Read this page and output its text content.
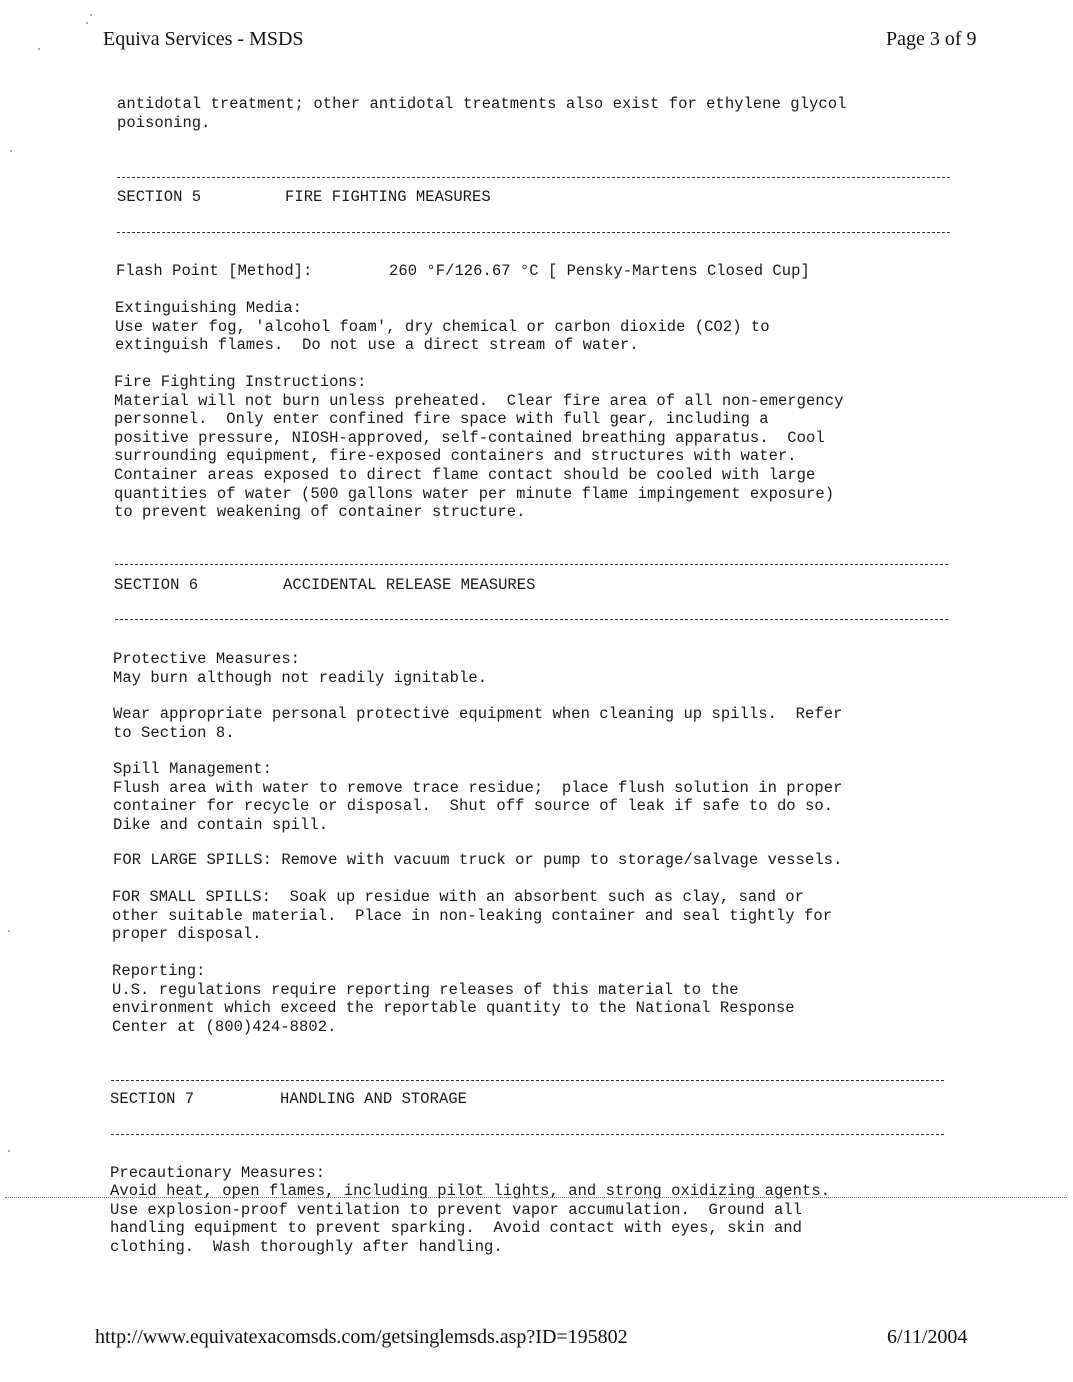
Equiva Services - MSDS	Page 3 of 9
antidotal treatment; other antidotal treatments also exist for ethylene glycol
poisoning.
SECTION 5	FIRE FIGHTING MEASURES
Flash Point [Method]:	260 °F/126.67 °C [ Pensky-Martens Closed Cup]
Extinguishing Media:
Use water fog, 'alcohol foam', dry chemical or carbon dioxide (CO2) to
extinguish flames.  Do not use a direct stream of water.
Fire Fighting Instructions:
Material will not burn unless preheated.  Clear fire area of all non-emergency
personnel.  Only enter confined fire space with full gear, including a
positive pressure, NIOSH-approved, self-contained breathing apparatus.  Cool
surrounding equipment, fire-exposed containers and structures with water.
Container areas exposed to direct flame contact should be cooled with large
quantities of water (500 gallons water per minute flame impingement exposure)
to prevent weakening of container structure.
SECTION 6	ACCIDENTAL RELEASE MEASURES
Protective Measures:
May burn although not readily ignitable.
Wear appropriate personal protective equipment when cleaning up spills.  Refer
to Section 8.
Spill Management:
Flush area with water to remove trace residue;  place flush solution in proper
container for recycle or disposal.  Shut off source of leak if safe to do so.
Dike and contain spill.
FOR LARGE SPILLS: Remove with vacuum truck or pump to storage/salvage vessels.
FOR SMALL SPILLS:  Soak up residue with an absorbent such as clay, sand or
other suitable material.  Place in non-leaking container and seal tightly for
proper disposal.
Reporting:
U.S. regulations require reporting releases of this material to the
environment which exceed the reportable quantity to the National Response
Center at (800)424-8802.
SECTION 7	HANDLING AND STORAGE
Precautionary Measures:
Avoid heat, open flames, including pilot lights, and strong oxidizing agents.
Use explosion-proof ventilation to prevent vapor accumulation.  Ground all
handling equipment to prevent sparking.  Avoid contact with eyes, skin and
clothing.  Wash thoroughly after handling.
http://www.equivatexacomsds.com/getsinglemsds.asp?ID=195802	6/11/2004
